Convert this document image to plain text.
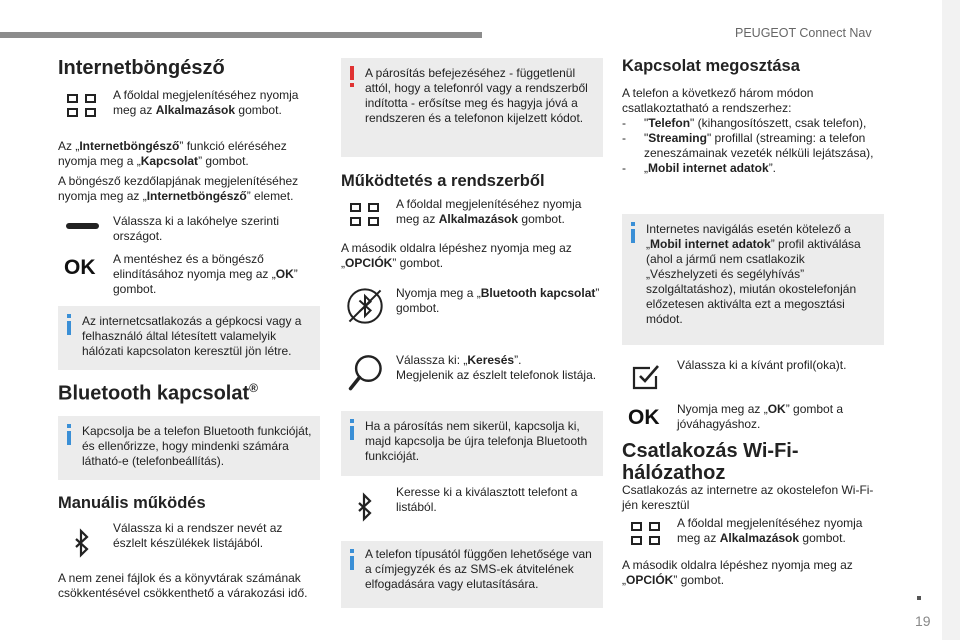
PEUGEOT Connect Nav
Internetböngésző
A főoldal megjelenítéséhez nyomja meg az Alkalmazások gombot.
Az „Internetböngésző” funkció eléréséhez nyomja meg a „Kapcsolat” gombot.
A böngésző kezdőlapjának megjelenítéséhez nyomja meg az „Internetböngésző” elemet.
Válassza ki a lakóhelye szerinti országot.
OK	A mentéshez és a böngésző elindításához nyomja meg az „OK” gombot.
Az internetcsatlakozás a gépkocsi vagy a felhasználó által létesített valamelyik hálózati kapcsolaton keresztül jön létre.
Bluetooth kapcsolat®
Kapcsolja be a telefon Bluetooth funkcióját, és ellenőrizze, hogy mindenki számára látható-e (telefonbeállítás).
Manuális működés
Válassza ki a rendszer nevét az észlelt készülékek listájából.
A nem zenei fájlok és a könyvtárak számának csökkentésével csökkenthető a várakozási idő.
A párosítás befejezéséhez - függetlenül attól, hogy a telefonról vagy a rendszerből indította - erősítse meg és hagyja jóvá a rendszeren és a telefonon kijelzett kódot.
Működtetés a rendszerből
A főoldal megjelenítéséhez nyomja meg az Alkalmazások gombot.
A második oldalra lépéshez nyomja meg az „OPCIÓK” gombot.
Nyomja meg a „Bluetooth kapcsolat” gombot.
Válassza ki: „Keresés”.
Megjelenik az észlelt telefonok listája.
Ha a párosítás nem sikerül, kapcsolja ki, majd kapcsolja be újra telefonja Bluetooth funkcióját.
Keresse ki a kiválasztott telefont a listából.
A telefon típusától függően lehetősége van a címjegyzék és az SMS-ek átvitelének elfogadására vagy elutasítására.
Kapcsolat megosztása
A telefon a következő három módon csatlakoztatható a rendszerhez:
- "Telefon" (kihangosítószett, csak telefon),
- "Streaming" profillal (streaming: a telefon zeneszámainak vezeték nélküli lejátszása),
- „Mobil internet adatok”.
Internetes navigálás esetén kötelező a „Mobil internet adatok” profil aktiválása (ahol a jármű nem csatlakozik „Vészhelyzeti és segélyhívás” szolgáltatáshoz), miután okostelefonján előzetesen aktiválta ezt a megosztási módot.
Válassza ki a kívánt profil(oka)t.
OK	Nyomja meg az „OK” gombot a jóváhagyáshoz.
Csatlakozás Wi-Fi-
hálózathoz
Csatlakozás az internetre az okostelefon Wi-Fi-jén keresztül
A főoldal megjelenítéséhez nyomja meg az Alkalmazások gombot.
A második oldalra lépéshez nyomja meg az „OPCIÓK” gombot.
19
